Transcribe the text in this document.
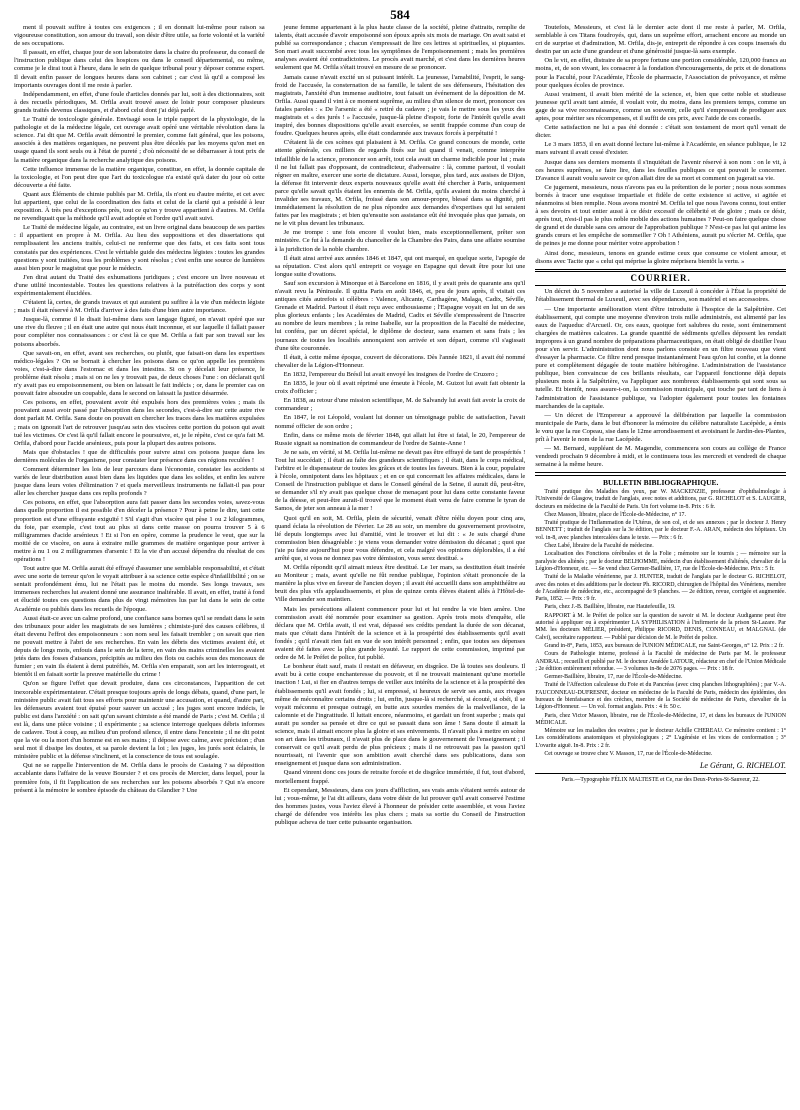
584

ment il pouvait suffire à toutes ces exigences ; il en donnait lui-même pour raison sa vigoureuse constitution, son amour du travail, son désir d'être utile, sa forte volonté et la variété de ses occupations.

Il passait, en effet, chaque jour de son laboratoire dans la chaire du professeur, du conseil de l'instruction publique dans celui des hospices ou dans le conseil départemental, ou même, comme je le dirai tout à l'heure, dans le sein de quelque tribunal pour y déposer comme expert. Il devait enfin passer de longues heures dans son cabinet ; car c'est là qu'il a composé les importants ouvrages dont il me reste à parler.

Indépendamment, en effet, d'une foule d'articles donnés par lui, soit à des dictionnaires, soit à des recueils périodiques, M. Orfila avait trouvé assez de loisir pour composer plusieurs grands traités devenus classiques, et d'abord celui dont j'ai déjà parlé.

Le Traité de toxicologie générale. Envisagé sous le triple rapport de la physiologie, de la pathologie et de la médecine légale, cet ouvrage avait opéré une véritable révolution dans la science. J'ai dit que M. Orfila avait démontré le premier, comme fait général, que les poisons, associés à des matières organiques, ne peuvent plus être décelés par les moyens qu'on met en usage quand ils sont seuls ou à l'état de pureté ; d'où nécessité de se débarrasser à tout prix de la matière organique dans la recherche analytique des poisons.

Cette influence immense de la matière organique, constitue, en effet, la donnée capitale de la toxicologie, et l'on peut dire que l'art du toxicologue n'a existé qu'à dater du jour où cette découverte a été faite.

Quant aux Éléments de chimie publiés par M. Orfila, ils n'ont eu d'autre mérite, et cet avec lui appartient, que celui de la coordination des faits et celui de la clarté qui a présidé à leur exposition. À très peu d'exceptions près, tout ce qu'on y trouve appartient à d'autres. M. Orfila ne revendiquait que la méthode qu'il avait adoptée et l'ordre qu'il avait suivi.

Le Traité de médecine légale, au contraire, est un livre original dans beaucoup de ses parties : il appartient en propre à M. Orfila. Au lieu des suppositions et des dissertations qui remplissaient les anciens traités, celui-ci ne renferme que des faits, et ces faits sont tous constatés par des expériences. C'est le véritable guide des médecins légistes : toutes les grandes questions y sont traitées, tous les problèmes y sont résolus ; c'est enfin une source de lumières aussi bien pour le magistrat que pour le médecin.

J'en dirai autant du Traité des exhumations juridiques ; c'est encore un livre nouveau et d'une utilité incontestable. Toutes les questions relatives à la putréfaction des corps y sont expérimentalement élucidées.

C'étaient là, certes, de grands travaux et qui auraient pu suffire à la vie d'un médecin légiste ; mais il était réservé à M. Orfila d'arriver à des faits d'une bien autre importance.

Jusque-là, comme il le disait lui-même dans son langage figuré, on n'avait opéré que sur une rive du fleuve ; il en était une autre qui nous était inconnue, et sur laquelle il fallait passer pour compléter nos connaissances : or c'est là ce que M. Orfila a fait par son travail sur les poisons absorbés.

Que savait-on, en effet, avant ses recherches, ou plutôt, que faisait-on dans les expertises médico-légales ? On se bornait à chercher les poisons dans ce qu'on appelle les premières voies, c'est-à-dire dans l'estomac et dans les intestins. Si on y décelait leur présence, le problème était résolu ; mais si on ne les y trouvait pas, de deux choses l'une : on déclarait qu'il n'y avait pas eu empoisonnement, ou bien on laissait le fait indécis ; or, dans le premier cas on pouvait faire absoudre un coupable, dans le second on laissait la justice désarmée.

Ces poisons, en effet, pouvaient avoir été expulsés hors des premières voies ; mais ils pouvaient aussi avoir passé par l'absorption dans les secondes, c'est-à-dire sur cette autre rive dont parlait M. Orfila. Sans doute on pouvait en chercher les traces dans les matières expulsées ; mais on ignorait l'art de retrouver jusqu'au sein des viscères cette portion du poison qui avait tué les victimes. Or c'est là qu'il fallait encore le poursuivre, et, je le répète, c'est ce qu'a fait M. Orfila, d'abord pour l'acide arsénieux, puis pour la plupart des autres poisons.

Mais que d'obstacles ! que de difficultés pour suivre ainsi ces poisons jusque dans les dernières molécules de l'organisme, pour constater leur présence dans ces régions reculées !

Comment déterminer les lois de leur parcours dans l'économie, constater les accidents si variés de leur distribution aussi bien dans les liquides que dans les solides, et enfin les suivre jusque dans leurs voies d'élimination ? et quels merveilleux instruments ne fallait-il pas pour aller les chercher jusque dans ces replis profonds ?

Ces poisons, en effet, que l'absorption aura fait passer dans les secondes voies, savez-vous dans quelle proportion il est possible d'en déceler la présence ? Pour à peine le dire, tant cette proportion est d'une effrayante exiguïté ! S'il s'agit d'un viscère qui pèse 1 ou 2 kilogrammes, du foie, par exemple, c'est tout au plus si dans cette masse on pourra trouver 5 à 6 milligrammes d'acide arsénieux ! Et si l'on en opère, comme la prudence le veut, que sur la moitié de ce viscère, on aura à extraire mille grammes de matière organique pour arriver à mettre à nu 1 ou 2 milligrammes d'arsenic ! Et la vie d'un accusé dépendra du résultat de ces opérations !

Tout autre que M. Orfila aurait été effrayé d'assumer une semblable responsabilité, et c'était avec une sorte de terreur qu'on le voyait attribuer à sa science cette espèce d'infaillibilité ; on se sentait profondément ému, lui ne l'était pas le moins du monde. Ses longs travaux, ses immenses recherches lui avaient donné une assurance inaltérable. Il avait, en effet, traité à fond et élucidé toutes ces questions dans plus de vingt mémoires lus par lui dans le sein de cette Académie ou publiés dans les recueils de l'époque.

Aussi était-ce avec un calme profond, une confiance sans bornes qu'il se rendait dans le sein des tribunaux pour aider les magistrats de ses lumières ; chimiste-juré des causes célèbres, il était devenu l'effroi des empoisonneurs : son nom seul les faisait trembler ; on savait que rien ne pouvait mettre à l'abri de ses recherches. En vain les débris des victimes avaient été, et depuis de longs mois, enfouis dans le sein de la terre, en vain des mains criminelles les avaient jetés dans des fosses d'aisances, précipités au milieu des flots ou cachés sous des monceaux de fumier ; en vain ils étaient à demi putréfiés, M. Orfila s'en emparait, son art les interrogeait, et bientôt il en faisait sortir la preuve matérielle du crime !

Qu'on se figure l'effet que devait produire, dans ces circonstances, l'apparition de cet inexorable expérimentateur. C'était presque toujours après de longs débats, quand, d'une part, le ministère public avait fait tous ses efforts pour maintenir une accusation, et quand, d'autre part, les défenseurs avaient tout épuisé pour sauver un accusé ; les juges sont encore indécis, le public est dans l'anxiété : on sait qu'un savant chimiste a été mandé de Paris ; c'est M. Orfila ; il est là, dans une pièce voisine ; il expérimente ; sa science interroge quelques débris informes de cadavre. Tout à coup, au milieu d'un profond silence, il entre dans l'enceinte ; il ne dit point que la vie ou la mort d'un homme est en ses mains ; il dépose avec calme, avec précision ; d'un seul mot il dissipe les doutes, et sa parole devient la loi ; les juges, les jurés sont éclairés, le ministère public et la défense s'inclinent, et la conscience de tous est soulagée.

Qui ne se rappelle l'intervention de M. Orfila dans le procès de Castaing ? sa déposition accablante dans l'affaire de la veuve Boursier ? et ces procès de Mercier, dans lequel, pour la première fois, il fit l'application de ses recherches sur les poisons absorbés ? Qui n'a encore présent à la mémoire le sombre épisode du château du Glandier ? Une

jeune femme appartenant à la plus haute classe de la société, pleine d'attraits, remplie de talents, était accusée d'avoir empoisonné son époux après six mois de mariage. On avait saisi et publié sa correspondance ; chacun s'empressait de lire ces lettres si spirituelles, si piquantes. Son mari avait succombé avec tous les symptômes de l'empoisonnement ; mais les premières analyses avaient été contradictoires. Le procès avait marché, et c'est dans les dernières heures seulement que M. Orfila s'était trouvé en mesure de se prononcer.

Jamais cause n'avait excité un si puissant intérêt. La jeunesse, l'amabilité, l'esprit, le sang-froid de l'accusée, la consternation de sa famille, le talent de ses défenseurs, l'hésitation des magistrats, l'anxiété d'un immense auditoire, tout faisait un événement de la déposition de M. Orfila. Aussi quand il vint à ce moment suprême, au milieu d'un silence de mort, prononcer ces fatales paroles : « De l'arsenic a été « retiré du cadavre ; je vais le mettre sous les yeux des magistrats et « des jurés ! » l'accusée, jusque-là pleine d'espoir, forte de l'intérêt qu'elle avait inspiré, des bonnes dispositions qu'elle avait exercées, se sentit frappée comme d'un coup de foudre. Quelques heures après, elle était condamnée aux travaux forcés à perpétuité !

C'étaient là de ces scènes qui plaisaient à M. Orfila. Ce grand concours de monde, cette attente générale, ces milliers de regards fixés sur lui quand il venait, comme interprète infaillible de la science, prononcer son arrêt, tout cela avait un charme indicible pour lui ; mais il ne lui fallait pas d'opposant, de contradicteur, d'adversaire : là, comme partout, il voulait régner en maître, exercer une sorte de dictature. Aussi, lorsque, plus tard, aux assises de Dijon, la défense fit intervenir deux experts nouveaux qu'elle avait été chercher à Paris, uniquement parce qu'elle savait qu'ils étaient les ennemis de M. Orfila, qu'ils avaient du moins cherché à invalider ses travaux, M. Orfila, froissé dans son amour-propre, blessé dans sa dignité, prit immédiatement la résolution de ne plus répondre aux demandes d'expertises qui lui seraient faites par les magistrats ; et bien qu'ensuite son assistance eût été invoquée plus que jamais, on ne le vit plus devant les tribunaux.

Je me trompe : une fois encore il voulut bien, mais exceptionnellement, prêter son ministère. Ce fut à la demande du chancelier de la Chambre des Pairs, dans une affaire soumise à la juridiction de la noble chambre.

Il était ainsi arrivé aux années 1846 et 1847, qui ont marqué, en quelque sorte, l'apogée de sa réputation. C'est alors qu'il entreprit ce voyage en Espagne qui devait être pour lui une longue suite d'ovations.

Sauf son excursion à Minorque et à Barcelone en 1816, il y avait près de quarante ans qu'il n'avait revu la Péninsule. Il quitta Paris en août 1846, et, peu de jours après, il visitait ces antiques cités autrefois si célèbres : Valence, Alicante, Carthagène, Malaga, Cadix, Séville, Grenade et Madrid. Partout il était reçu avec enthousiasme ; l'Espagne voyait en lui un de ses plus glorieux enfants ; les Académies de Madrid, Cadix et Séville s'empressèrent de l'inscrire au nombre de leurs membres ; la reine Isabelle, sur la proposition de la Faculté de médecine, lui conféra, par un décret spécial, le diplôme de docteur, sans examen et sans frais ; les journaux de toutes les localités annonçaient son arrivée et son départ, comme s'il s'agissait d'une tête couronnée.

Il était, à cette même époque, couvert de décorations. Dès l'année 1821, il avait été nommé chevalier de la Légion-d'Honneur.

En 1832, l'empereur du Brésil lui avait envoyé les insignes de l'ordre de Cruzero ;

En 1835, le jour où il avait réprimé une émeute à l'école, M. Guizot lui avait fait obtenir la croix d'officier ;

En 1838, au retour d'une mission scientifique, M. de Salvandy lui avait fait avoir la croix de commandeur ;

En 1847, le roi Léopold, voulant lui donner un témoignage public de satisfaction, l'avait nommé officier de son ordre ;

Enfin, dans ce même mois de février 1848, qui allait lui être si fatal, le 20, l'empereur de Russie signait sa nomination de commandeur de l'ordre de Sainte-Anne !

Je ne sais, en vérité, si M. Orfila lui-même ne devait pas être effrayé de tant de prospérités ! Tout lui succédait ; il était au faîte des grandeurs scientifiques ; il était, dans le corps médical, l'arbitre et le dispensateur de toutes les grâces et de toutes les faveurs. Bien à la cour, populaire à l'école, omnipotent dans les hôpitaux ; et en ce qui concernait les affaires médicales, dans le Conseil de l'instruction publique et dans le Conseil général de la Seine, il aurait dû, peut-être, se demander s'il n'y avait pas quelque chose de menaçant pour lui dans cette constante faveur de la déesse, et peut-être aurait-il trouvé que le moment était venu de faire comme le tyran de Samos, de jeter son anneau à la mer !

Quoi qu'il en soit, M. Orfila, plein de sécurité, venait d'être réélu doyen pour cinq ans, quand éclata la révolution de Février. Le 28 au soir, un membre du gouvernement provisoire, lié depuis longtemps avec lui d'amitié, vint le trouver et lui dit : « Je suis chargé d'une commission bien désagréable : je viens vous demander votre démission du décanat ; quoi que j'aie pu faire aujourd'hui pour vous défendre, et cela malgré vos opinions déplorables, il a été arrêté que, si vous ne donnez pas votre démission, vous serez destitué. »

M. Orfila répondit qu'il aimait mieux être destitué. Le 1er mars, sa destitution était insérée au Moniteur ; mais, avant qu'elle ne fût rendue publique, l'opinion s'était prononcée de la manière la plus vive en faveur de l'ancien doyen ; il avait été accueilli dans son amphithéâtre au bruit des plus vifs applaudissements, et plus de quinze cents élèves étaient allés à l'Hôtel-de-Ville demander son maintien.

Mais les persécutions allaient commencer pour lui et lui rendre la vie bien amère. Une commission avait été nommée pour examiner sa gestion. Après trois mois d'enquête, elle déclara que M. Orfila avait, il est vrai, dépassé ses crédits pendant la durée de son décanat, mais que c'était dans l'intérêt de la science et à la prospérité des établissements qu'il avait fondés ; qu'il n'avait rien fait en vue de son intérêt personnel ; enfin, que toutes ses dépenses avaient été faites avec la plus grande loyauté. Le rapport de cette commission, imprimé par ordre de M. le Préfet de police, fut publié.

Le bonheur était sauf, mais il restait en défaveur, en disgrâce. De là toutes ses douleurs. Il avait bu à cette coupe enchanteresse du pouvoir, et il ne trouvait maintenant qu'une mortelle inaction ! Lui, si fier en d'autres temps de veiller aux intérêts de la science et à la prospérité des établissements qu'il avait fondés ; lui, si empressé, si heureux de servir ses amis, aux rivages même de méconnaître certains droits ; lui, enfin, jusque-là si recherché, si écouté, si obéi, il se voyait méconnu et presque outragé, en butte aux sourdes menées de la malveillance, de la calomnie et de l'ingratitude. Il luttait encore, néanmoins, et gardait un front superbe ; mais qui aurait pu sonder sa pensée et dire ce qui se passait dans son âme ! Sans doute il aimait la science, mais il aimait encore plus la gloire et ses enivrements. Il n'avait plus à mettre en scène son art dans les tribunaux, il n'avait plus de place dans le gouvernement de l'enseignement ; il conservait ce qu'il avait perdu de plus précieux ; mais il ne retrouvait pas la passion qu'il nourrissait, ni l'avenir que son ambition avait cherché dans ses publications, dans son enseignement et jusque dans son administration.

Quand vinrent donc ces jours de retraite forcée et de disgrâce imméritée, il fut, tout d'abord, mortellement frappé.

Et cependant, Messieurs, dans ces jours d'affliction, ses vrais amis s'étaient serrés autour de lui ; vous-même, je l'ai dit ailleurs, dans votre désir de lui prouver qu'il avait conservé l'estime des hommes justes, vous l'aviez élevé à l'honneur de présider cette assemblée, et vous l'aviez chargé de défendre vos intérêts les plus chers ; mais sa sortie du Conseil de l'instruction publique acheva de tuer cette puissante organisation.

Toutefois, Messieurs, et c'est là le dernier acte dont il me reste à parler, M. Orfila, semblable à ces Titans foudroyés, qui, dans un suprême effort, arrachent encore au monde un cri de surprise et d'admiration, M. Orfila, dis-je, entreprit de répondre à ces coups insensés du destin par un acte d'une grandeur et d'une générosité jusque-là sans exemple.

On le vit, en effet, distraire de sa propre fortune une portion considérable, 120,000 francs au moins, et, de son vivant, les consacrer à la fondation d'encouragements, de prix et de donations pour la Faculté, pour l'Académie, l'École de pharmacie, l'Association de prévoyance, et même pour quelques écoles de province.

Aussi vraiment, il avait bien mérité de la science, et, bien que cette noble et studieuse jeunesse qu'il avait tant aimée, il voulait voir, du moins, dans les premiers temps, comme un gage de sa vive reconnaissance, comme un souvenir, celle qu'il s'empressait de prodiguer aux aptes, pour mériter ses récompenses, et il suffit de ces prix, avec l'aide de ces conseils.

Cette satisfaction ne lui a pas été donnée : c'était son testament de mort qu'il venait de dicter.

Le 3 mars 1853, il en avait donné lecture lui-même à l'Académie, en séance publique, le 12 mars suivant il avait cessé d'exister.

Jusque dans ses derniers moments il s'inquiétait de l'avenir réservé à son nom : on le vit, à ces heures suprêmes, se faire lire, dans les feuilles publiques ce qui pouvait le concerner. D'avance il aurait voulu savoir ce qu'on allait dire de sa mort et comment on jugerait sa vie.

Ce jugement, messieurs, nous n'avons pas eu la prétention de le porter ; nous nous sommes bornés à tracer une esquisse impartiale et fidèle de cette existence si active, si agitée et néanmoins si bien remplie. Nous avons montré M. Orfila tel que nous l'avons connu, tout entier à ses devoirs et tout entier aussi à ce désir excessif de célébrité et de gloire ; mais ce désir, après tout, n'est-il pas le plus noble mobile des actions humaines ? Peut-on faire quelque chose de grand et de durable sans ces amour de l'approbation publique ? N'est-ce pas lui qui anime les grands cœurs et les empêche de sommeiller ? Oh ! Athéniens, aurait pu s'écrier M. Orfila, que de peines je me donne pour mériter votre approbation !

Ainsi donc, messieurs, tenons en grande estime ceux que consume ce violent amour, et disons avec Tacite que « celui qui méprise la gloire méprisera bientôt la vertu. »

COURRIER.

Un décret du 5 novembre a autorisé la ville de Luxeuil à concéder à l'État la propriété de l'établissement thermal de Luxeuil, avec ses dépendances, son matériel et ses accessoires.

— Une importante amélioration vient d'être introduite à l'hospice de la Salpêtrière. Cet établissement, qui compte une moyenne d'environ trois mille administrés, est alimenté par les eaux de l'aqueduc d'Arcueil. Or, ces eaux, quoique fort salubres du reste, sont éminemment chargées de matières calcaires. La grande quantité de sédiments qu'elles déposent les rendait impropres à un grand nombre de préparations pharmaceutiques, on était obligé de distiller l'eau pour s'en servir. L'administration dont nous parlons consiste en un filtre nouveau que vient d'essayer la pharmacie. Ce filtre rend presque instantanément l'eau qu'on lui confie, et la donne pure et complètement dégagée de toute matière hétérogène. L'administration de l'assistance publique, bien convaincue de ces brillants résultats, car l'appareil fonctionne déjà depuis plusieurs mois à la Salpêtrière, va l'appliquer aux nombreux établissements qui sont sous sa tutelle. Et bientôt, nous assure-t-on, la commission municipale, qui touche par tant de liens à l'administration de l'assistance publique, va l'adopter également pour toutes les fontaines marchandes de la capitale.

— Un décret de l'Empereur a approuvé la délibération par laquelle la commission municipale de Paris, dans le but d'honorer la mémoire du célèbre naturaliste Lacépède, a émis le vœu que la rue Copeau, sise dans le 12me arrondissement et avoisinant le Jardin-des-Plantes, prît à l'avenir le nom de la rue Lacépède.

— M. Bernard, suppléant de M. Magendie, commencera son cours au collège de France vendredi prochain 9 décembre à midi, et le continuera tous les mercredi et vendredi de chaque semaine à la même heure.

BULLETIN BIBLIOGRAPHIQUE.

Traité pratique des Maladies des yeux, par W. MACKENZIE, professeur d'ophthalmologie à l'Université de Glasgow, traduit de l'anglais, avec notes et additions, par G. RICHELOT et S. LAUGIER, docteurs en médecine de la Faculté de Paris. Un fort volume in-8. Prix : 6 fr.

Chez Masson, libraire, place de l'École-de-Médecine, n° 17.

Traité pratique de l'Inflammation de l'Utérus, de son col, et de ses annexes ; par le docteur J. Henry BENNETT ; traduit de l'anglais sur la 3e édition, par le docteur F.-A. ARAN, médecin des hôpitaux. Un vol. in-8, avec planches intercalées dans le texte. — Prix : 6 fr.

Chez Labé, libraire de la Faculté de médecine.

Localisation des Fonctions cérébrales et de la Folie ; mémoire sur le tournis ; — mémoire sur la paralysie des aliénés ; par le docteur BELHOMME, médecin d'un établissement d'aliénés, chevalier de la Légion-d'Honneur, etc. — Se vend chez Germer-Baillière, 17, rue de l'École-de-Médecine. Prix : 5 fr.

Traité de la Maladie vénérienne, par J. HUNTER, traduit de l'anglais par le docteur G. RICHELOT, avec des notes et des additions par le docteur Ph. RICORD, chirurgien de l'hôpital des Vénériens, membre de l'Académie de médecine, etc., accompagné de 9 planches. — 2e édition, revue, corrigée et augmentée. Paris, 1852. — Prix : 9 fr.

Paris, chez J.-B. Baillière, libraire, rue Hautefeuille, 19.

RAPPORT à M. le Préfet de police sur la question de savoir si M. le docteur Audiganne peut être autorisé à appliquer ou à expérimenter LA SYPHILISATION à l'infirmerie de la prison St-Lazare. Par MM. les docteurs MÉLIER, président, Philippe RICORD, DENIS, CONNEAU, et MALGNAL (de Calvi), secrétaire rapporteur. — Publié par décision de M. le Préfet de police.

Grand in-8°, Paris, 1853, aux bureaux de l'UNION MÉDICALE, rue Saint-Georges, n° 12. Prix : 2 fr.

Cours de Pathologie interne, professé à la Faculté de médecine de Paris par M. le professeur ANDRAL ; recueilli et publié par M. le docteur Amédée LATOUR, rédacteur en chef de l'Union Médicale ; 2e édition entièrement refondue. — 3 volumes in-8e de 2076 pages. — Prix : 18 fr.

Germer-Baillière, libraire, 17, rue de l'École-de-Médecine.

Traité de l'Affection calculeuse du Foie et du Pancréas (avec cinq planches lithographiées) ; par V.-A. FAUCONNEAU-DUFRESNE, docteur en médecine de la Faculté de Paris, médecin des épidémies, des bureaux de bienfaisance et des crèches, membre de la Société de médecine de Paris, chevalier de la Légion-d'Honneur. — Un vol. format anglais. Prix : 4 fr. 50 c.

Paris, chez Victor Masson, libraire, rue de l'École-de-Médecine, 17, et dans les bureaux de l'UNION MÉDICALE.

Mémoire sur les maladies des ovaires ; par le docteur Achille CHEREAU. Ce mémoire contient : 1° Les considérations anatomiques et physiologiques ; 2° L'agénésie et les vices de conformation ; 3° L'ovarite aiguë. In-8. Prix : 2 fr.

Cet ouvrage se trouve chez V. Masson, 17, rue de l'École-de-Médecine.

Le Gérant, G. RICHELOT.
Paris.—Typographie FÉLIX MALTESTE et Ce, rue des Deux-Portes-St-Sauveur, 22.
